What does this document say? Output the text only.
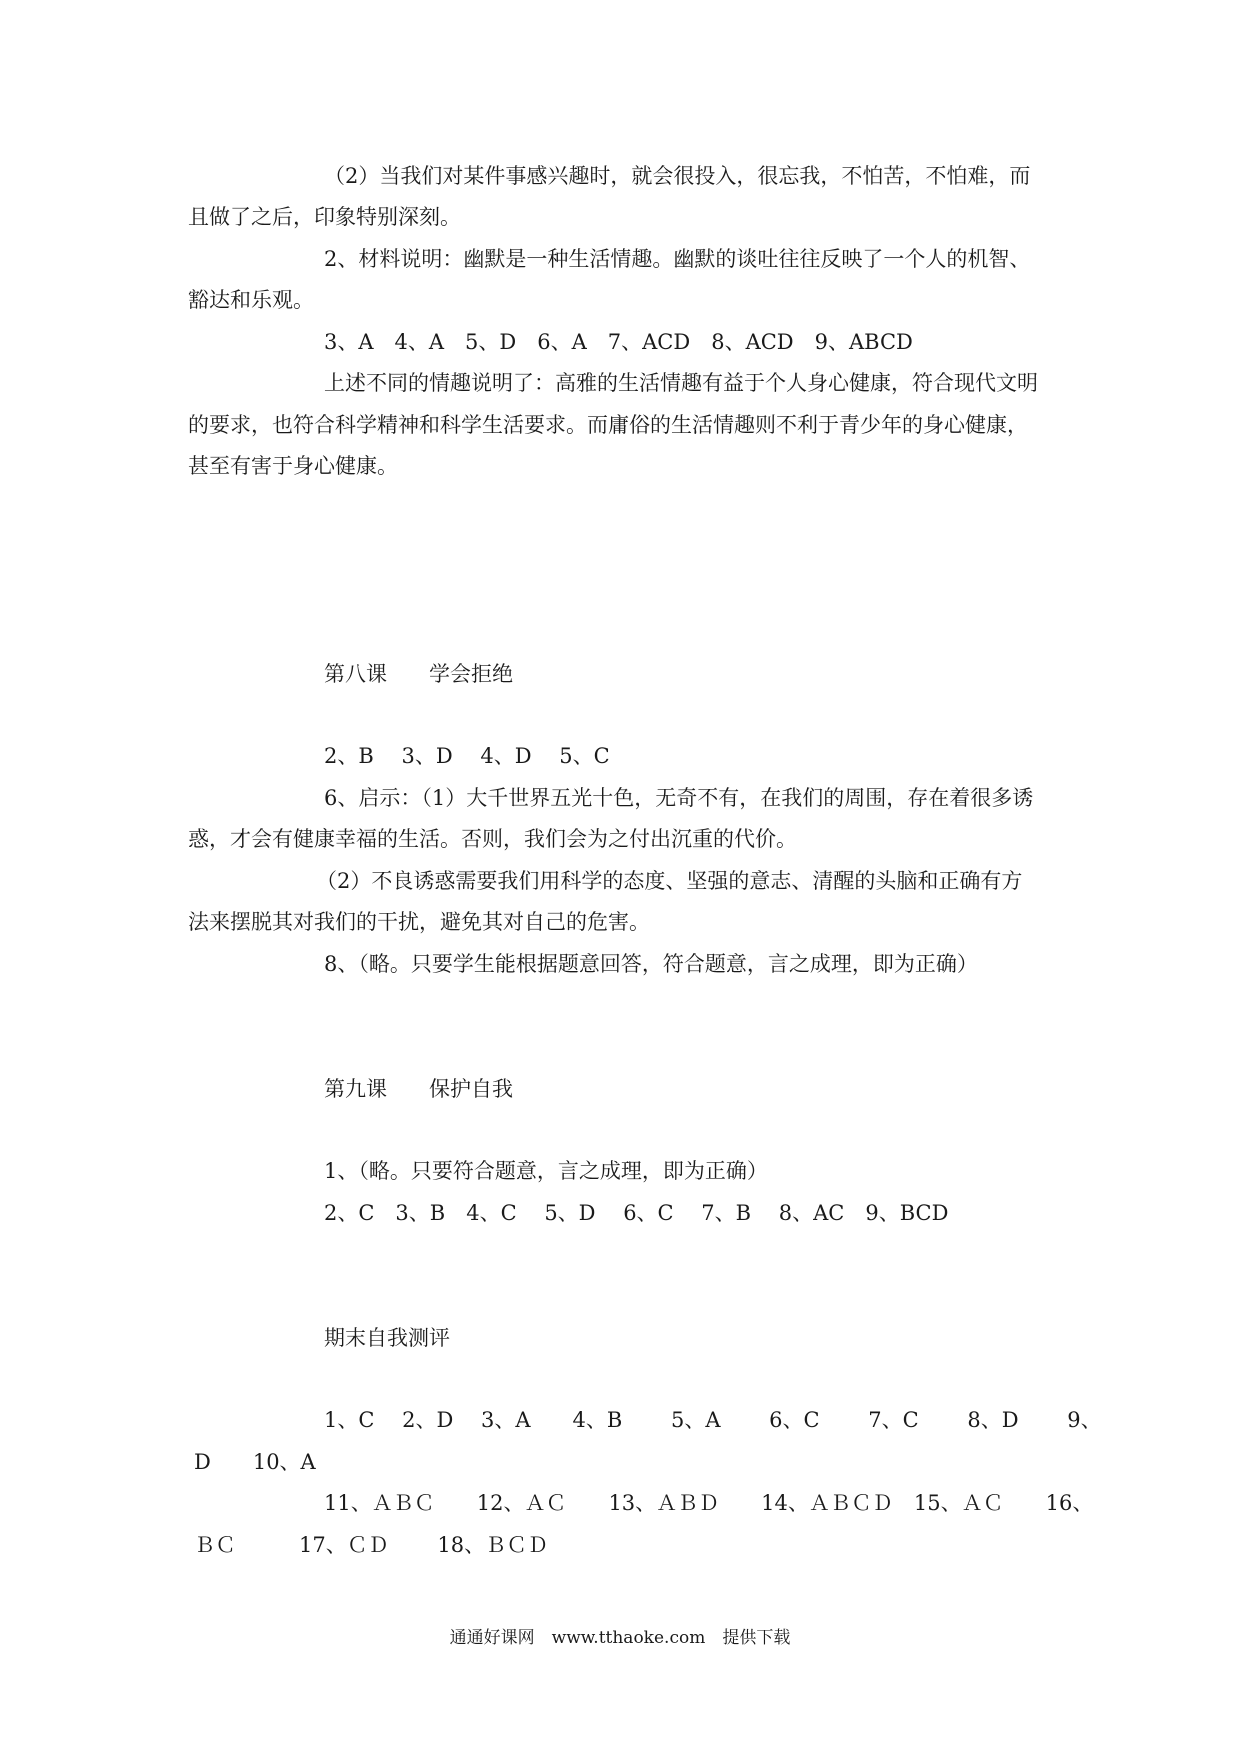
（2）当我们对某件事感兴趣时，就会很投入，很忘我，不怕苦，不怕难，而
且做了之后，印象特别深刻。
2、材料说明：幽默是一种生活情趣。幽默的谈吐往往反映了一个人的机智、
豁达和乐观。
3、A　4、A　5、D　6、A　7、ACD　8、ACD　9、ABCD
上述不同的情趣说明了：高雅的生活情趣有益于个人身心健康，符合现代文明
的要求，也符合科学精神和科学生活要求。而庸俗的生活情趣则不利于青少年的身心健康，
甚至有害于身心健康。
第八课　　学会拒绝
2、B　 3、D　 4、D　 5、C
6、启示：（1）大千世界五光十色，无奇不有，在我们的周围，存在着很多诱
惑，才会有健康幸福的生活。否则，我们会为之付出沉重的代价。
（2）不良诱惑需要我们用科学的态度、坚强的意志、清醒的头脑和正确有方
法来摆脱其对我们的干扰，避免其对自己的危害。
8、（略。只要学生能根据题意回答，符合题意，言之成理，即为正确）
第九课　　保护自我
1、（略。只要符合题意，言之成理，即为正确）
2、C　3、B　4、C　 5、D　 6、C　 7、B　 8、AC　9、BCD
期末自我测评
1、C　 2、D　 3、A　　4、B　　 5、A　　 6、C　　 7、C　　 8、D　　 9、
D　　10、A
11、ＡＢＣ　　12、ＡＣ　　13、ＡＢＤ　　14、ＡＢＣＤ　15、ＡＣ　　16、
ＢＣ　　　17、ＣＤ　　 18、ＢＣＤ
通通好课网　www.tthaoke.com　提供下载
